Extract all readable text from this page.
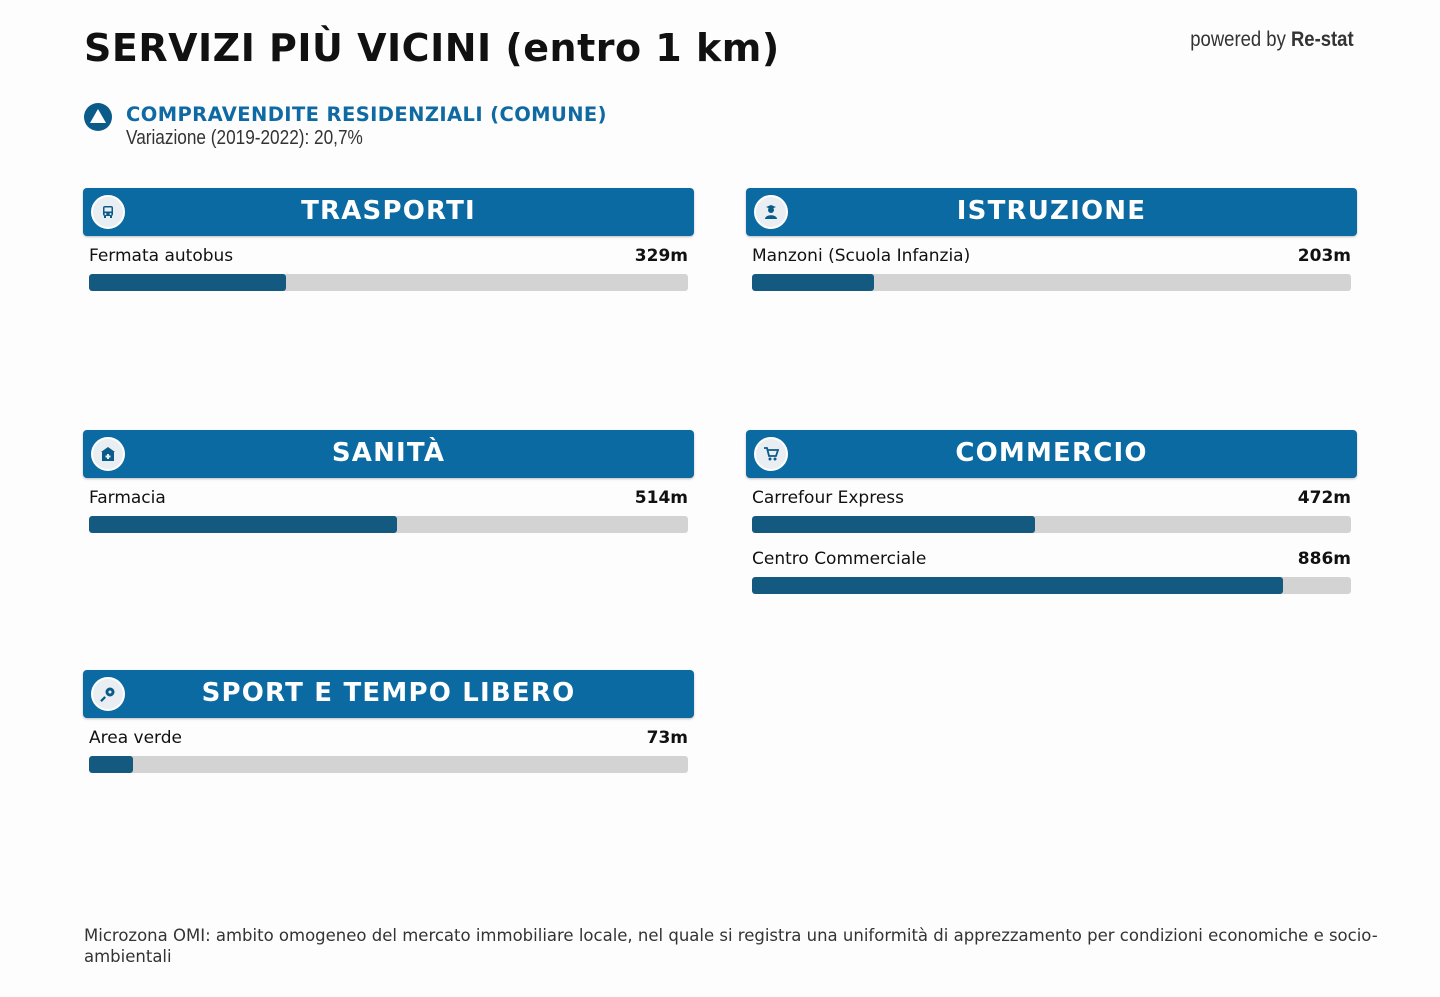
SERVIZI PIÙ VICINI (entro 1 km)	powered by Re-stat
COMPRAVENDITE RESIDENZIALI (COMUNE)
Variazione (2019-2022): 20,7%
TRASPORTI
Fermata autobus	329m
ISTRUZIONE
Manzoni (Scuola Infanzia)	203m
SANITÀ
Farmacia	514m
COMMERCIO
Carrefour Express	472m
Centro Commerciale	886m
SPORT E TEMPO LIBERO
Area verde	73m
Microzona OMI: ambito omogeneo del mercato immobiliare locale, nel quale si registra una uniformità di apprezzamento per condizioni economiche e socio-ambientali
